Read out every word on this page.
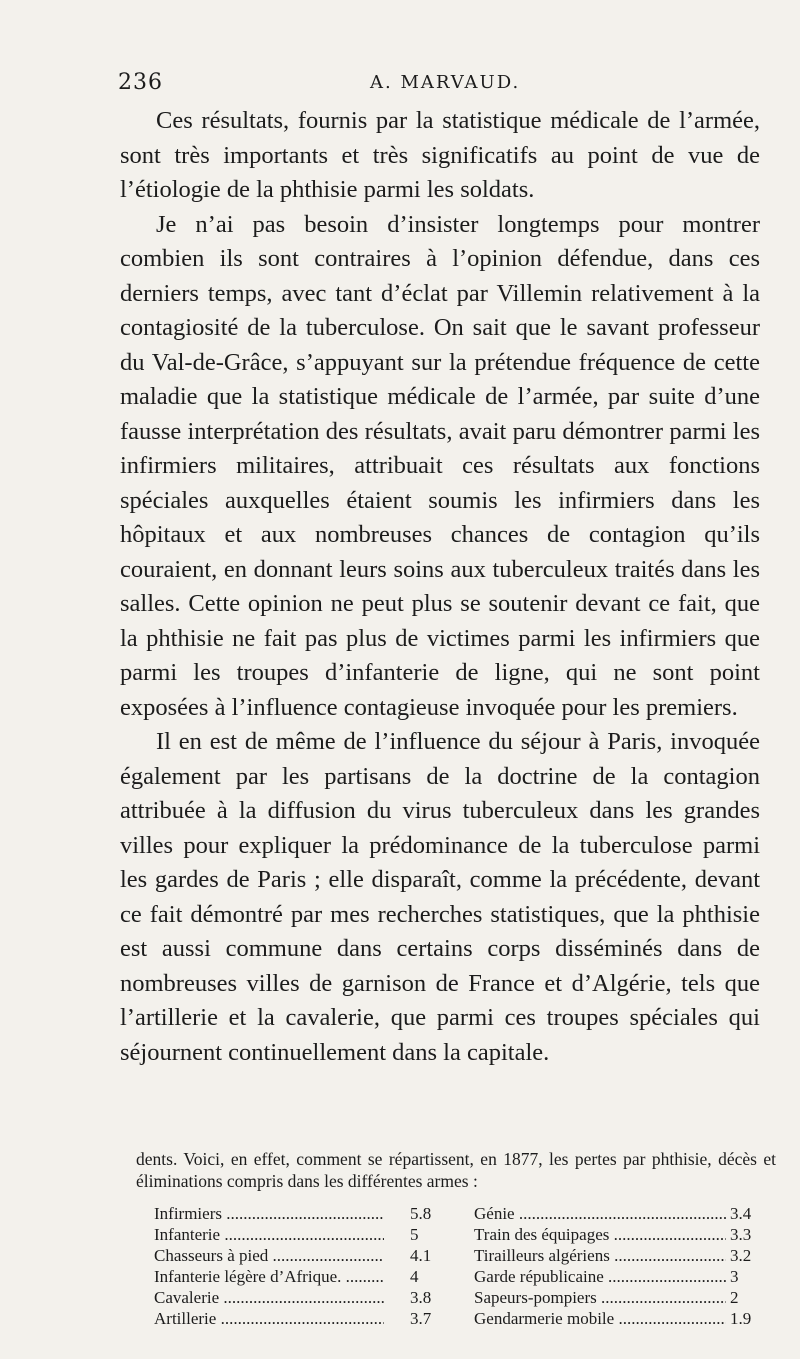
236	A. MARVAUD.

Ces résultats, fournis par la statistique médicale de l’armée, sont très importants et très significatifs au point de vue de l’étiologie de la phthisie parmi les soldats.

Je n’ai pas besoin d’insister longtemps pour montrer combien ils sont contraires à l’opinion défendue, dans ces derniers temps, avec tant d’éclat par Villemin relativement à la contagiosité de la tuberculose. On sait que le savant professeur du Val-de-Grâce, s’appuyant sur la prétendue fréquence de cette maladie que la statistique médicale de l’armée, par suite d’une fausse interprétation des résultats, avait paru démontrer parmi les infirmiers militaires, attribuait ces résultats aux fonctions spéciales auxquelles étaient soumis les infirmiers dans les hôpitaux et aux nombreuses chances de contagion qu’ils couraient, en donnant leurs soins aux tuberculeux traités dans les salles. Cette opinion ne peut plus se soutenir devant ce fait, que la phthisie ne fait pas plus de victimes parmi les infirmiers que parmi les troupes d’infanterie de ligne, qui ne sont point exposées à l’influence contagieuse invoquée pour les premiers.

Il en est de même de l’influence du séjour à Paris, invoquée également par les partisans de la doctrine de la contagion attribuée à la diffusion du virus tuberculeux dans les grandes villes pour expliquer la prédominance de la tuberculose parmi les gardes de Paris ; elle disparaît, comme la précédente, devant ce fait démontré par mes recherches statistiques, que la phthisie est aussi commune dans certains corps disséminés dans de nombreuses villes de garnison de France et d’Algérie, tels que l’artillerie et la cavalerie, que parmi ces troupes spéciales qui séjournent continuellement dans la capitale.

dents. Voici, en effet, comment se répartissent, en 1877, les pertes par phthisie, décès et éliminations compris dans les différentes armes :

Infirmiers .....	5.8	Génie .....	3.4
Infanterie .....	5	Train des équipages .....	3.3
Chasseurs à pied .....	4.1	Tirailleurs algériens .....	3.2
Infanterie légère d’Afrique. .....	4	Garde républicaine .....	3
Cavalerie .....	3.8	Sapeurs-pompiers .....	2
Artillerie .....	3.7	Gendarmerie mobile .....	1.9
